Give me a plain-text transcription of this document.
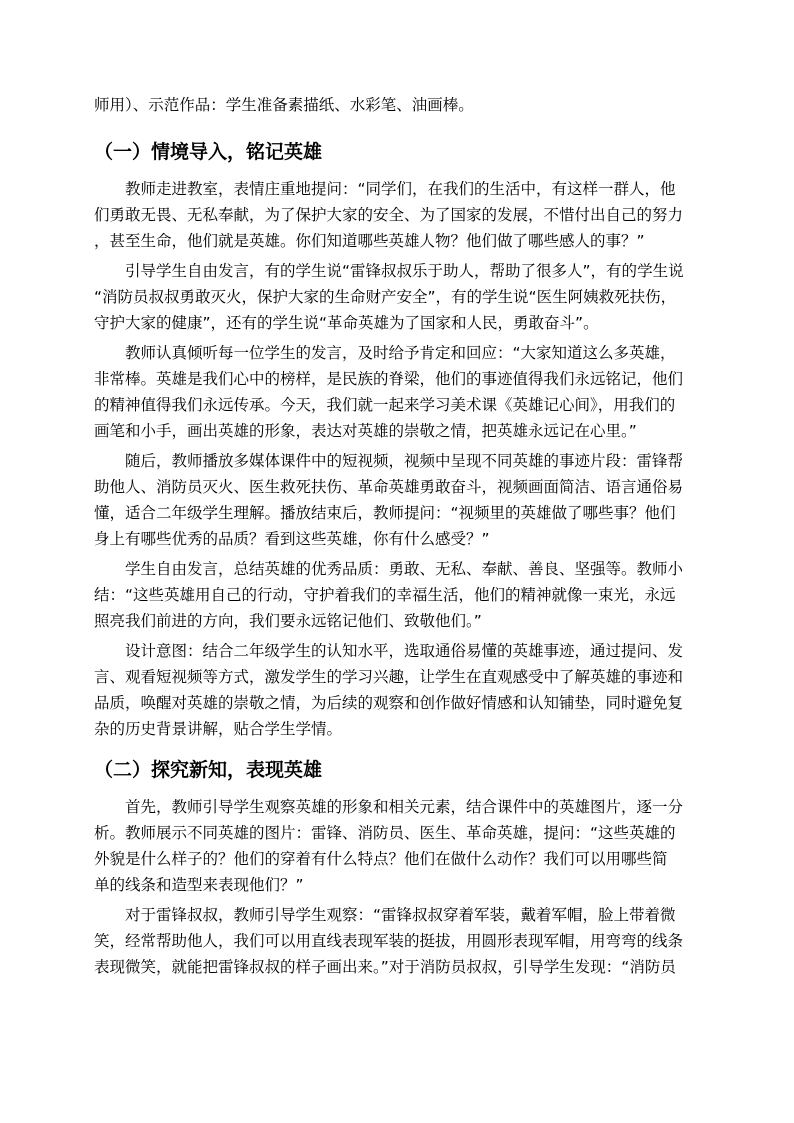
师用）、示范作品：学生准备素描纸、水彩笔、油画棒。
（一）情境导入，铭记英雄
教师走进教室，表情庄重地提问：“同学们，在我们的生活中，有这样一群人，他
们勇敢无畏、无私奉献，为了保护大家的安全、为了国家的发展，不惜付出自己的努力
，甚至生命，他们就是英雄。你们知道哪些英雄人物？他们做了哪些感人的事？”
引导学生自由发言，有的学生说“雷锋叔叔乐于助人，帮助了很多人”，有的学生说
“消防员叔叔勇敢灭火，保护大家的生命财产安全”，有的学生说“医生阿姨救死扶伤，
守护大家的健康”，还有的学生说“革命英雄为了国家和人民，勇敢奋斗”。
教师认真倾听每一位学生的发言，及时给予肯定和回应：“大家知道这么多英雄，
非常棒。英雄是我们心中的榜样，是民族的脊梁，他们的事迹值得我们永远铭记，他们
的精神值得我们永远传承。今天，我们就一起来学习美术课《英雄记心间》，用我们的
画笔和小手，画出英雄的形象，表达对英雄的崇敬之情，把英雄永远记在心里。”
随后，教师播放多媒体课件中的短视频，视频中呈现不同英雄的事迹片段：雷锋帮
助他人、消防员灭火、医生救死扶伤、革命英雄勇敢奋斗，视频画面简洁、语言通俗易
懂，适合二年级学生理解。播放结束后，教师提问：“视频里的英雄做了哪些事？他们
身上有哪些优秀的品质？看到这些英雄，你有什么感受？”
学生自由发言，总结英雄的优秀品质：勇敢、无私、奉献、善良、坚强等。教师小
结：“这些英雄用自己的行动，守护着我们的幸福生活，他们的精神就像一束光，永远
照亮我们前进的方向，我们要永远铭记他们、致敬他们。”
设计意图：结合二年级学生的认知水平，选取通俗易懂的英雄事迹，通过提问、发
言、观看短视频等方式，激发学生的学习兴趣，让学生在直观感受中了解英雄的事迹和
品质，唤醒对英雄的崇敬之情，为后续的观察和创作做好情感和认知铺垫，同时避免复
杂的历史背景讲解，贴合学生学情。
（二）探究新知，表现英雄
首先，教师引导学生观察英雄的形象和相关元素，结合课件中的英雄图片，逐一分
析。教师展示不同英雄的图片：雷锋、消防员、医生、革命英雄，提问：“这些英雄的
外貌是什么样子的？他们的穿着有什么特点？他们在做什么动作？我们可以用哪些简
单的线条和造型来表现他们？”
对于雷锋叔叔，教师引导学生观察：“雷锋叔叔穿着军装，戴着军帽，脸上带着微
笑，经常帮助他人，我们可以用直线表现军装的挺拔，用圆形表现军帽，用弯弯的线条
表现微笑，就能把雷锋叔叔的样子画出来。”对于消防员叔叔，引导学生发现：“消防员
